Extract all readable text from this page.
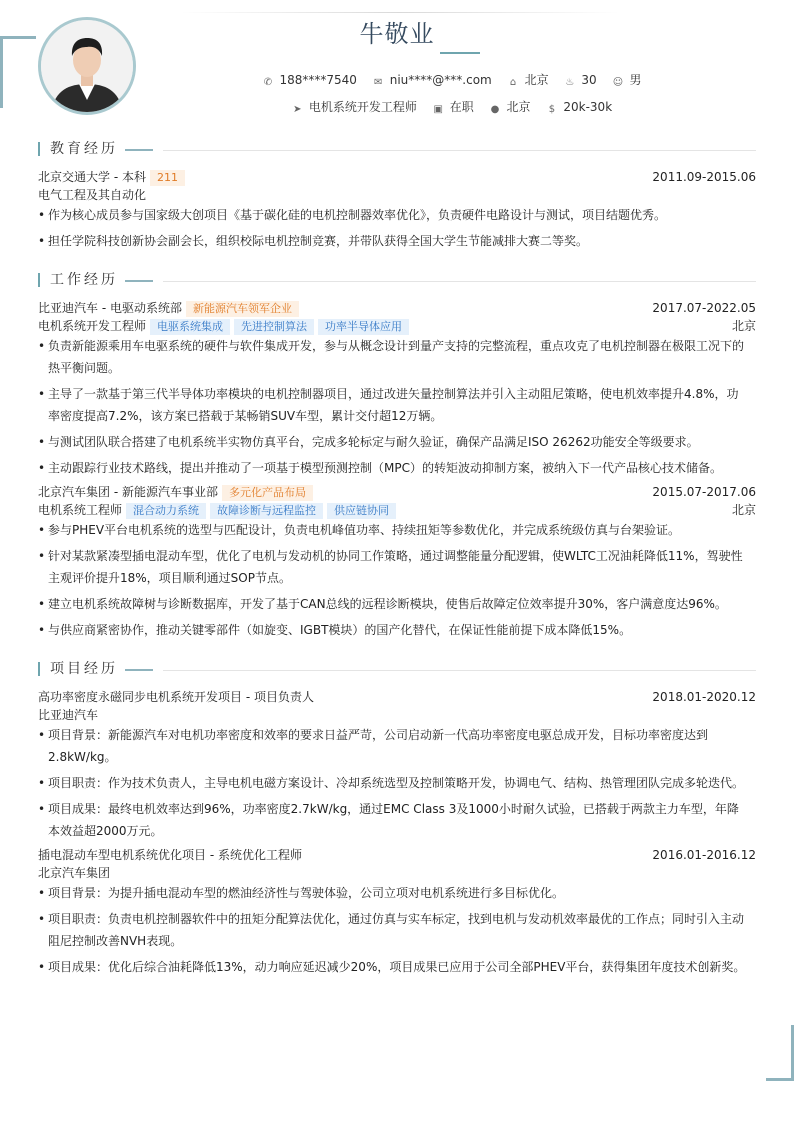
牛敬业
✆ 188****7540 ✉ niu****@***.com ⌂ 北京 ♨ 30 ☺ 男
➤ 电机系统开发工程师 ▣ 在职 ● 北京 $ 20k-30k
教育经历
北京交通大学 - 本科 211	2011.09-2015.06
电气工程及其自动化
• 作为核心成员参与国家级大创项目《基于碳化硅的电机控制器效率优化》，负责硬件电路设计与测试，项目结题优秀。
• 担任学院科技创新协会副会长，组织校际电机控制竞赛，并带队获得全国大学生节能减排大赛二等奖。
工作经历
比亚迪汽车 - 电驱动系统部 新能源汽车领军企业	2017.07-2022.05
电机系统开发工程师 电驱系统集成 先进控制算法 功率半导体应用	北京
• 负责新能源乘用车电驱系统的硬件与软件集成开发，参与从概念设计到量产支持的完整流程，重点攻克了电机控制器在极限工况下的热平衡问题。
• 主导了一款基于第三代半导体功率模块的电机控制器项目，通过改进矢量控制算法并引入主动阻尼策略，使电机效率提升4.8%，功率密度提高7.2%，该方案已搭载于某畅销SUV车型，累计交付超12万辆。
• 与测试团队联合搭建了电机系统半实物仿真平台，完成多轮标定与耐久验证，确保产品满足ISO 26262功能安全等级要求。
• 主动跟踪行业技术路线，提出并推动了一项基于模型预测控制（MPC）的转矩波动抑制方案，被纳入下一代产品核心技术储备。
北京汽车集团 - 新能源汽车事业部 多元化产品布局	2015.07-2017.06
电机系统工程师 混合动力系统 故障诊断与远程监控 供应链协同	北京
• 参与PHEV平台电机系统的选型与匹配设计，负责电机峰值功率、持续扭矩等参数优化，并完成系统级仿真与台架验证。
• 针对某款紧凑型插电混动车型，优化了电机与发动机的协同工作策略，通过调整能量分配逻辑，使WLTC工况油耗降低11%，驾驶性主观评价提升18%，项目顺利通过SOP节点。
• 建立电机系统故障树与诊断数据库，开发了基于CAN总线的远程诊断模块，使售后故障定位效率提升30%，客户满意度达96%。
• 与供应商紧密协作，推动关键零部件（如旋变、IGBT模块）的国产化替代，在保证性能前提下成本降低15%。
项目经历
高功率密度永磁同步电机系统开发项目 - 项目负责人	2018.01-2020.12
比亚迪汽车
• 项目背景：新能源汽车对电机功率密度和效率的要求日益严苛，公司启动新一代高功率密度电驱总成开发，目标功率密度达到2.8kW/kg。
• 项目职责：作为技术负责人，主导电机电磁方案设计、冷却系统选型及控制策略开发，协调电气、结构、热管理团队完成多轮迭代。
• 项目成果：最终电机效率达到96%，功率密度2.7kW/kg，通过EMC Class 3及1000小时耐久试验，已搭载于两款主力车型，年降本效益超2000万元。
插电混动车型电机系统优化项目 - 系统优化工程师	2016.01-2016.12
北京汽车集团
• 项目背景：为提升插电混动车型的燃油经济性与驾驶体验，公司立项对电机系统进行多目标优化。
• 项目职责：负责电机控制器软件中的扭矩分配算法优化，通过仿真与实车标定，找到电机与发动机效率最优的工作点；同时引入主动阻尼控制改善NVH表现。
• 项目成果：优化后综合油耗降低13%，动力响应延迟减少20%，项目成果已应用于公司全部PHEV平台，获得集团年度技术创新奖。
